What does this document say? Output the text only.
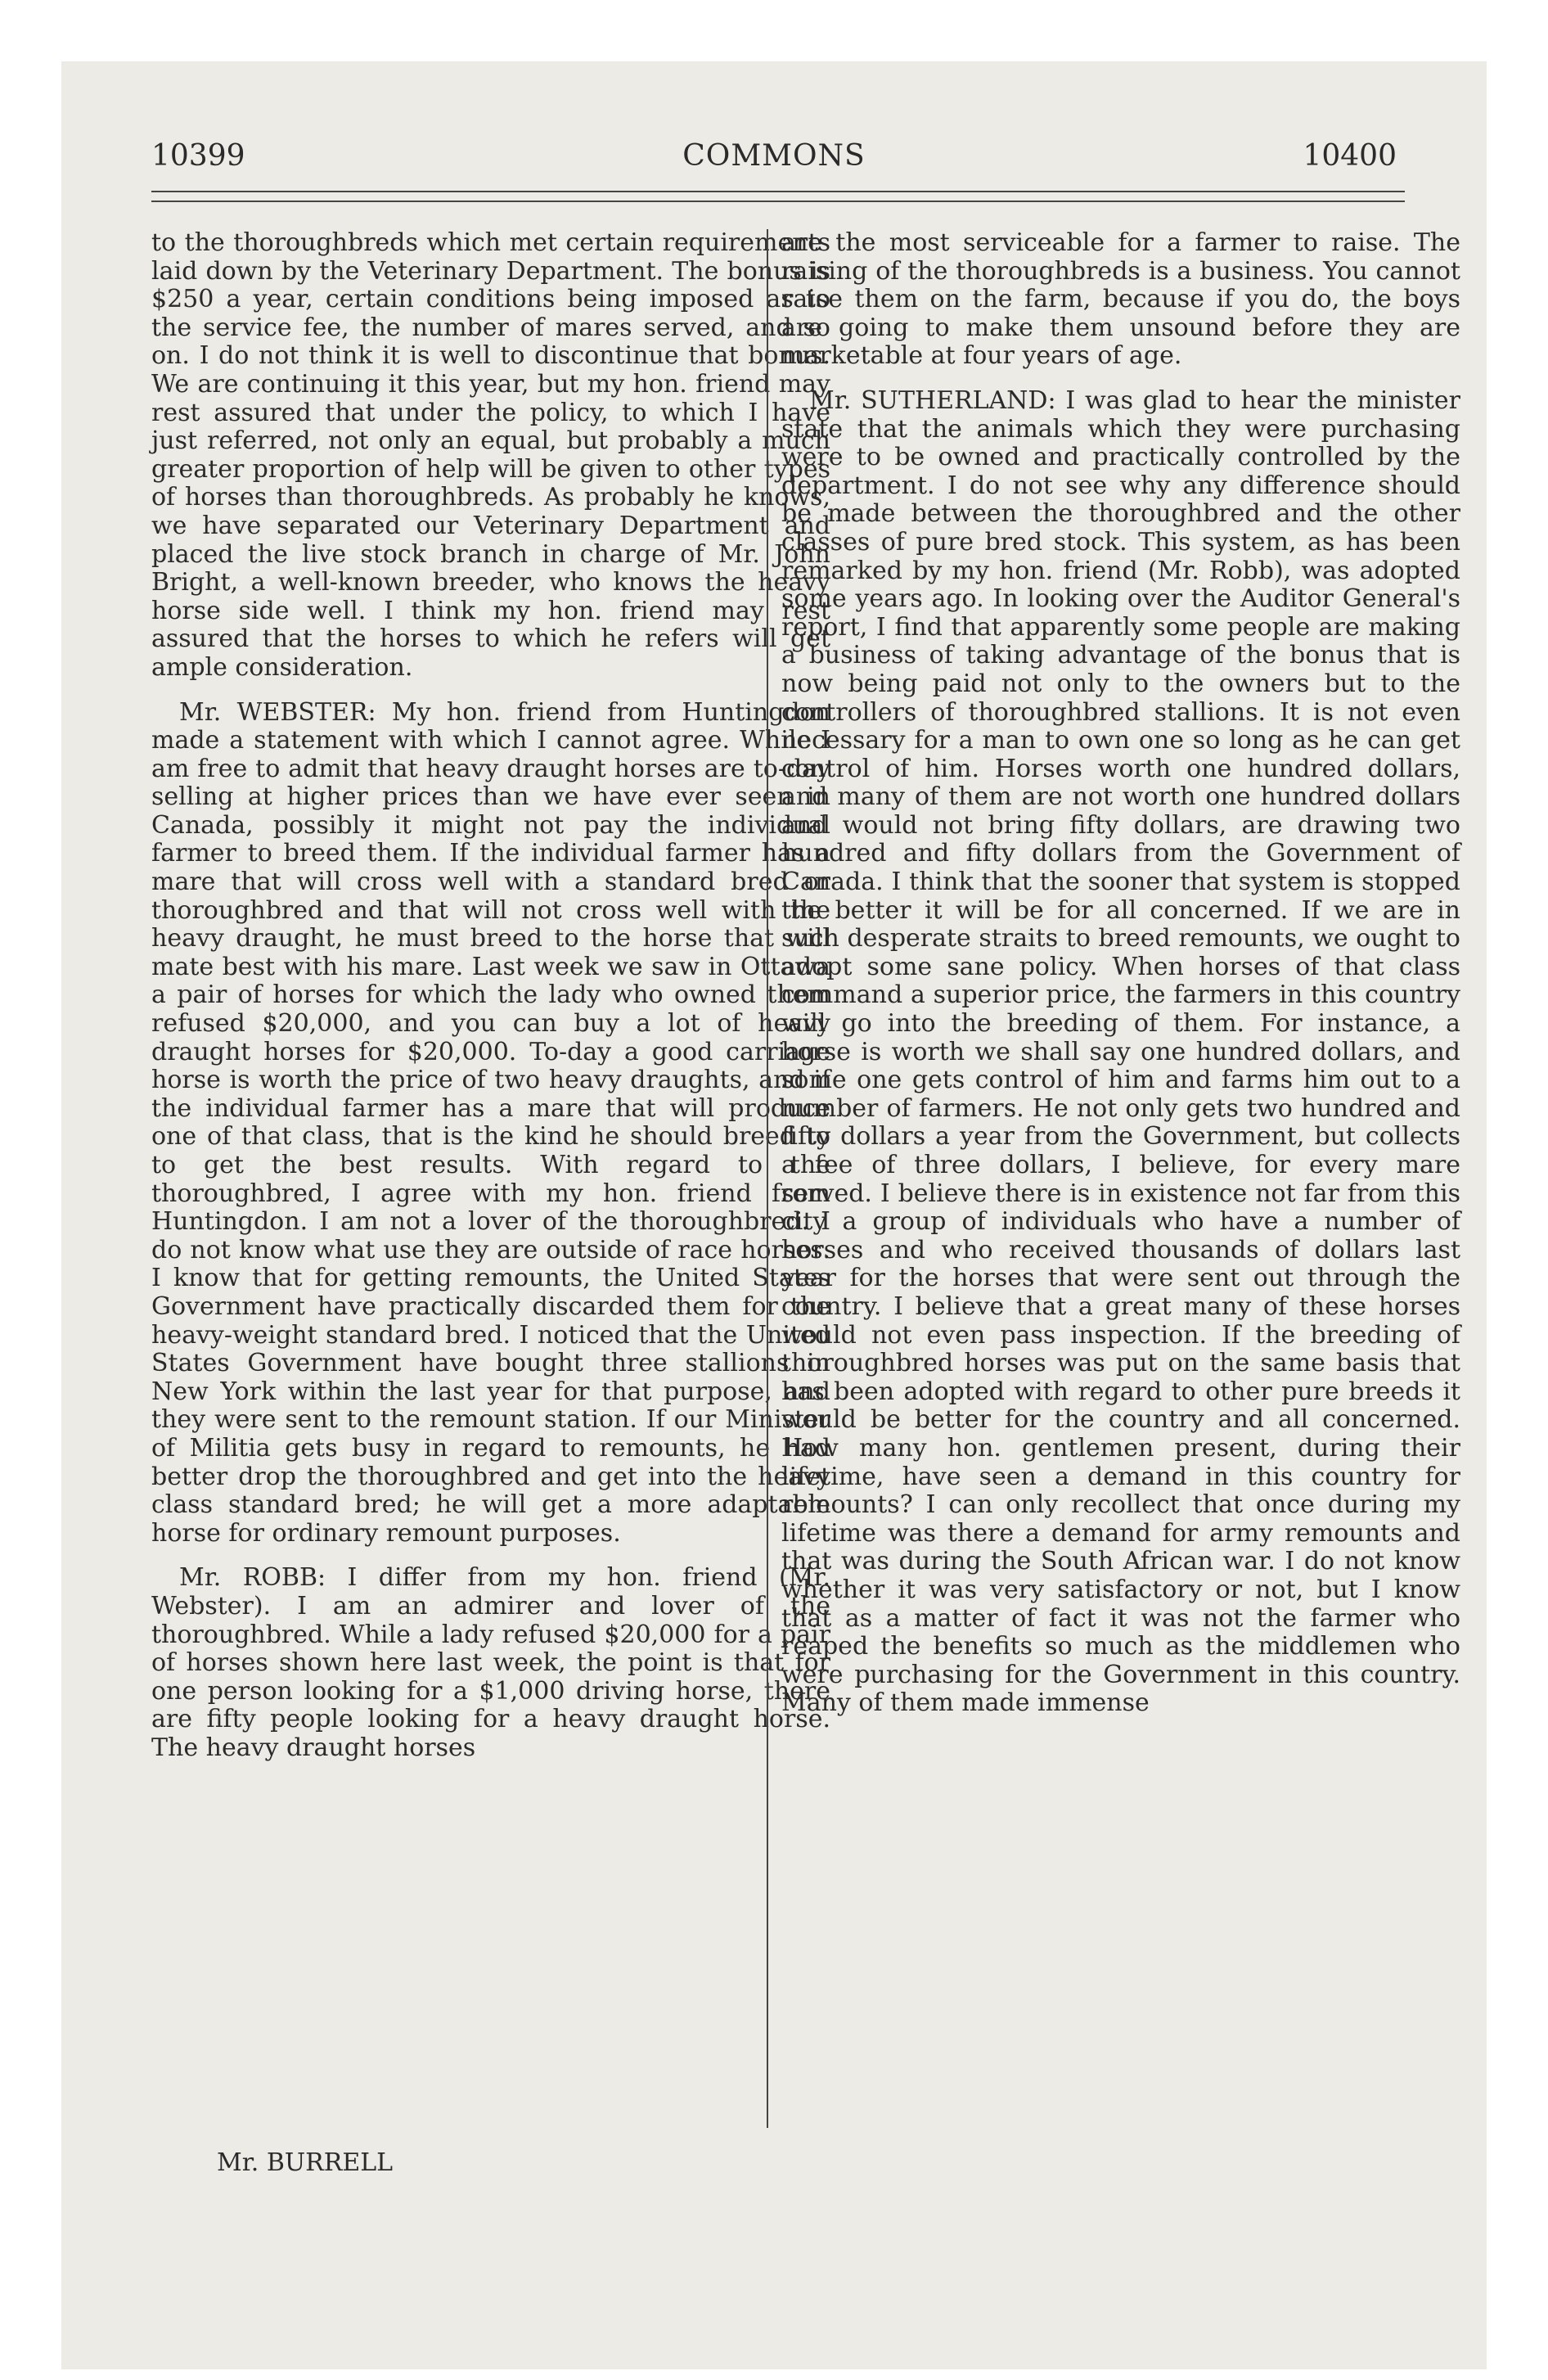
10399	COMMONS	10400

to the thoroughbreds which met certain requirements laid down by the Veterinary Department. The bonus is $250 a year, certain conditions being imposed as to the service fee, the number of mares served, and so on. I do not think it is well to discontinue that bonus. We are continuing it this year, but my hon. friend may rest assured that under the policy, to which I have just referred, not only an equal, but probably a much greater proportion of help will be given to other types of horses than thoroughbreds. As probably he knows, we have separated our Veterinary Department and placed the live stock branch in charge of Mr. John Bright, a well-known breeder, who knows the heavy horse side well. I think my hon. friend may rest assured that the horses to which he refers will get ample consideration.

Mr. WEBSTER: My hon. friend from Huntingdon made a statement with which I cannot agree. While I am free to admit that heavy draught horses are to-day selling at higher prices than we have ever seen in Canada, possibly it might not pay the individual farmer to breed them. If the individual farmer has a mare that will cross well with a standard bred or thoroughbred and that will not cross well with the heavy draught, he must breed to the horse that will mate best with his mare. Last week we saw in Ottawa a pair of horses for which the lady who owned them refused $20,000, and you can buy a lot of heavy draught horses for $20,000. To-day a good carriage horse is worth the price of two heavy draughts, and if the individual farmer has a mare that will produce one of that class, that is the kind he should breed to to get the best results. With regard to the thoroughbred, I agree with my hon. friend from Huntingdon. I am not a lover of the thoroughbred. I do not know what use they are outside of race horses. I know that for getting remounts, the United States Government have practically discarded them for the heavy-weight standard bred. I noticed that the United States Government have bought three stallions in New York within the last year for that purpose, and they were sent to the remount station. If our Minister of Militia gets busy in regard to remounts, he had better drop the thoroughbred and get into the heavy class standard bred; he will get a more adaptable horse for ordinary remount purposes.

Mr. ROBB: I differ from my hon. friend (Mr. Webster). I am an admirer and lover of the thoroughbred. While a lady refused $20,000 for a pair of horses shown here last week, the point is that for one person looking for a $1,000 driving horse, there are fifty people looking for a heavy draught horse. The heavy draught horses

are the most serviceable for a farmer to raise. The raising of the thoroughbreds is a business. You cannot raise them on the farm, because if you do, the boys are going to make them unsound before they are marketable at four years of age.

Mr. SUTHERLAND: I was glad to hear the minister state that the animals which they were purchasing were to be owned and practically controlled by the department. I do not see why any difference should be made between the thoroughbred and the other classes of pure bred stock. This system, as has been remarked by my hon. friend (Mr. Robb), was adopted some years ago. In looking over the Auditor General's report, I find that apparently some people are making a business of taking advantage of the bonus that is now being paid not only to the owners but to the controllers of thoroughbred stallions. It is not even necessary for a man to own one so long as he can get control of him. Horses worth one hundred dollars, and many of them are not worth one hundred dollars and would not bring fifty dollars, are drawing two hundred and fifty dollars from the Government of Canada. I think that the sooner that system is stopped the better it will be for all concerned. If we are in such desperate straits to breed remounts, we ought to adopt some sane policy. When horses of that class command a superior price, the farmers in this country will go into the breeding of them. For instance, a horse is worth we shall say one hundred dollars, and some one gets control of him and farms him out to a number of farmers. He not only gets two hundred and fifty dollars a year from the Government, but collects a fee of three dollars, I believe, for every mare served. I believe there is in existence not far from this city a group of individuals who have a number of horses and who received thousands of dollars last year for the horses that were sent out through the country. I believe that a great many of these horses would not even pass inspection. If the breeding of thoroughbred horses was put on the same basis that has been adopted with regard to other pure breeds it would be better for the country and all concerned. How many hon. gentlemen present, during their lifetime, have seen a demand in this country for remounts? I can only recollect that once during my lifetime was there a demand for army remounts and that was during the South African war. I do not know whether it was very satisfactory or not, but I know that as a matter of fact it was not the farmer who reaped the benefits so much as the middlemen who were purchasing for the Government in this country. Many of them made immense

Mr. BURRELL
